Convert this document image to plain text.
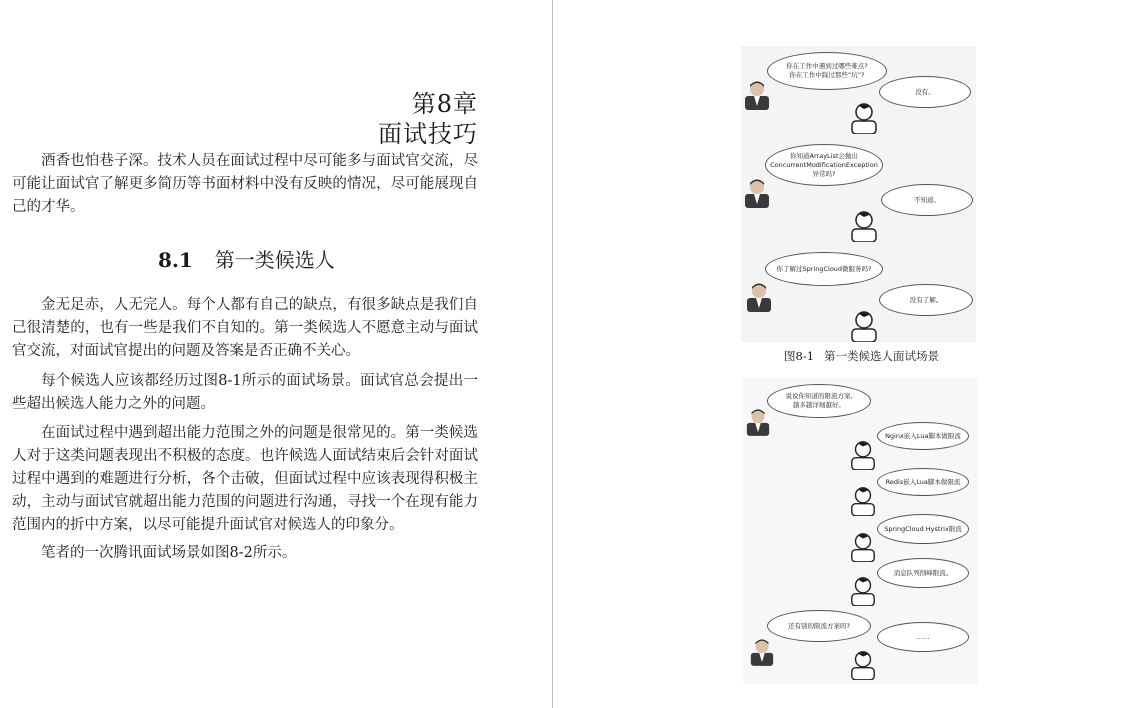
第8章
面试技巧

酒香也怕巷子深。技术人员在面试过程中尽可能多与面试官交流，尽可能让面试官了解更多简历等书面材料中没有反映的情况，尽可能展现自己的才华。

8.1 第一类候选人

金无足赤，人无完人。每个人都有自己的缺点，有很多缺点是我们自己很清楚的，也有一些是我们不自知的。第一类候选人不愿意主动与面试官交流，对面试官提出的问题及答案是否正确不关心。

每个候选人应该都经历过图8-1所示的面试场景。面试官总会提出一些超出候选人能力之外的问题。

在面试过程中遇到超出能力范围之外的问题是很常见的。第一类候选人对于这类问题表现出不积极的态度。也许候选人面试结束后会针对面试过程中遇到的难题进行分析，各个击破，但面试过程中应该表现得积极主动，主动与面试官就超出能力范围的问题进行沟通，寻找一个在现有能力范围内的折中方案，以尽可能提升面试官对候选人的印象分。

笔者的一次腾讯面试场景如图8-2所示。

你在工作中遇到过哪些难点?
你在工作中踩过那些“坑”?
没有。
你知道ArrayList会抛出
ConcurrentModificationException
异常吗?
不知道。
你了解过SpringCloud微服务吗?
没有了解。
图8-1 第一类候选人面试场景
说说你知道的限流方案,
越多越详细越好。
Nginx嵌入Lua脚本做限流
Redis嵌入Lua脚本做限流
SpringCloud Hystrix限流
消息队列削峰限流。
还有别的限流方案吗?
……
